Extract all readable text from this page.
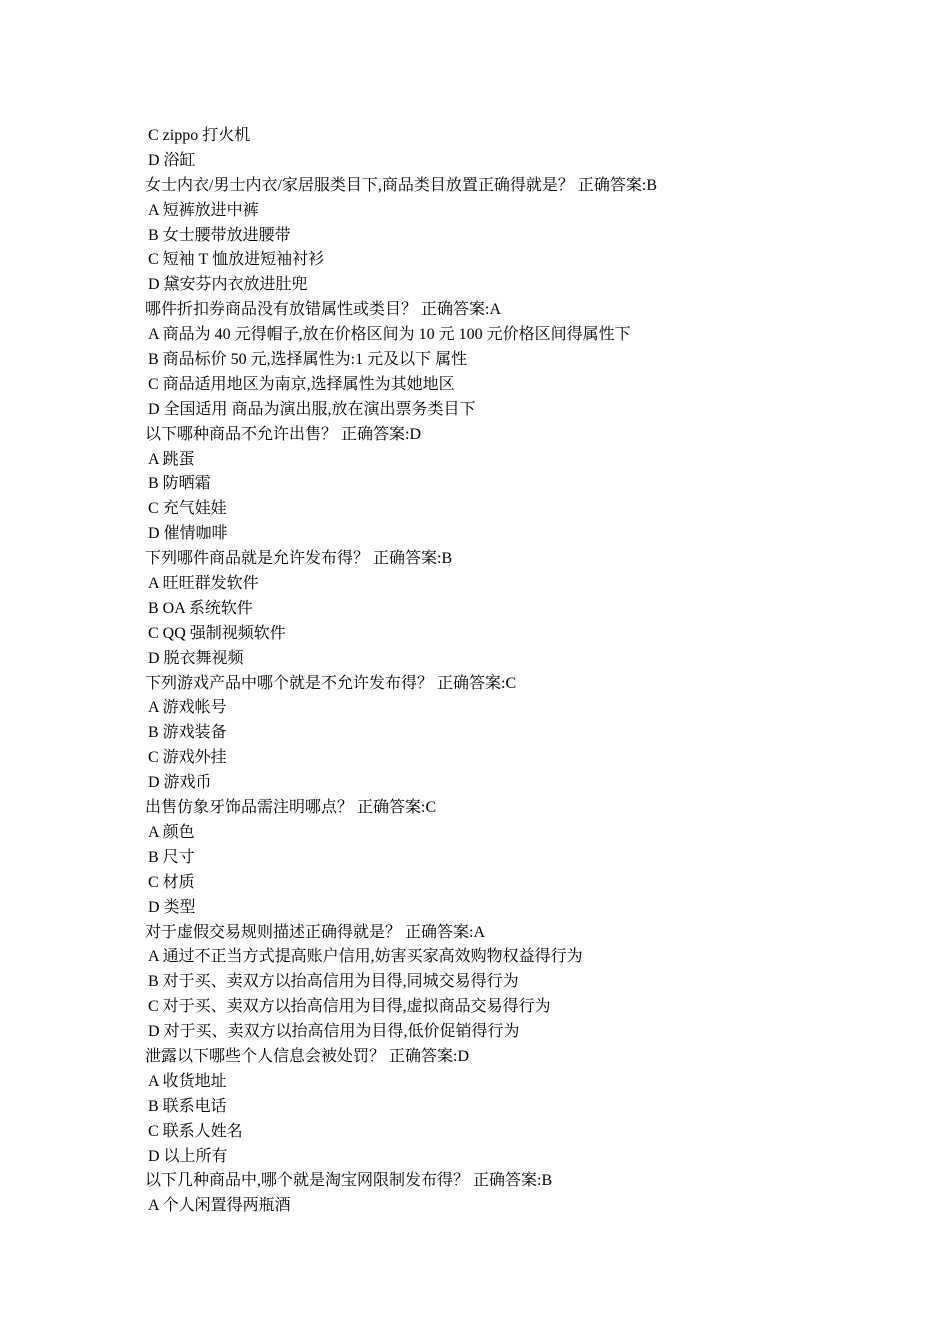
C zippo 打火机
D 浴缸
女士内衣/男士内衣/家居服类目下,商品类目放置正确得就是？ 正确答案:B
A 短裤放进中裤
B 女士腰带放进腰带
C 短袖 T 恤放进短袖衬衫
D 黛安芬内衣放进肚兜
哪件折扣券商品没有放错属性或类目？ 正确答案:A
A 商品为 40 元得帽子,放在价格区间为 10 元 100 元价格区间得属性下
B 商品标价 50 元,选择属性为:1 元及以下 属性
C 商品适用地区为南京,选择属性为其她地区
D 全国适用 商品为演出服,放在演出票务类目下
以下哪种商品不允许出售？ 正确答案:D
A 跳蛋
B 防晒霜
C 充气娃娃
D 催情咖啡
下列哪件商品就是允许发布得？ 正确答案:B
A 旺旺群发软件
B OA 系统软件
C QQ 强制视频软件
D 脱衣舞视频
下列游戏产品中哪个就是不允许发布得？ 正确答案:C
A 游戏帐号
B 游戏装备
C 游戏外挂
D 游戏币
出售仿象牙饰品需注明哪点？ 正确答案:C
A 颜色
B 尺寸
C 材质
D 类型
对于虚假交易规则描述正确得就是？ 正确答案:A
A 通过不正当方式提高账户信用,妨害买家高效购物权益得行为
B 对于买、卖双方以抬高信用为目得,同城交易得行为
C 对于买、卖双方以抬高信用为目得,虚拟商品交易得行为
D 对于买、卖双方以抬高信用为目得,低价促销得行为
泄露以下哪些个人信息会被处罚？ 正确答案:D
A 收货地址
B 联系电话
C 联系人姓名
D 以上所有
以下几种商品中,哪个就是淘宝网限制发布得？ 正确答案:B
A 个人闲置得两瓶酒
